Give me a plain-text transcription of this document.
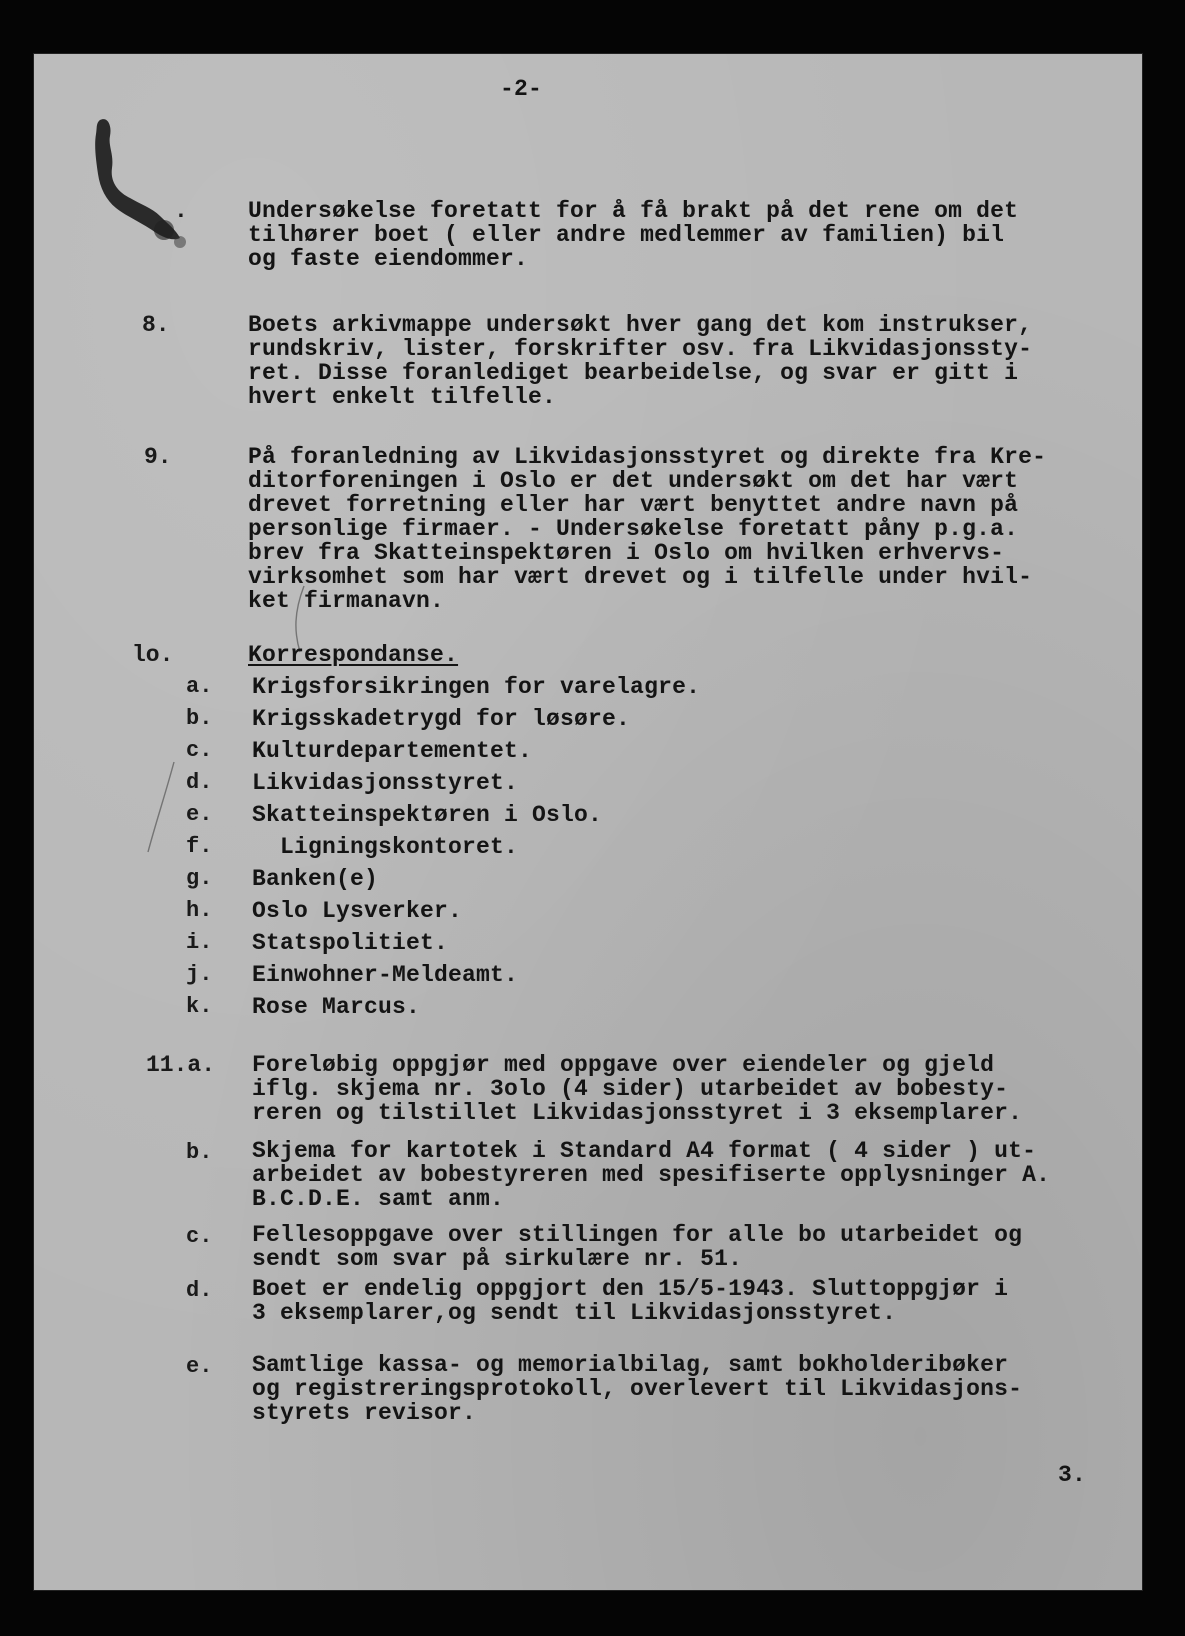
-2-
.	Undersøkelse foretatt for å få brakt på det rene om det
tilhører boet ( eller andre medlemmer av familien) bil
og faste eiendommer.
8.	Boets arkivmappe undersøkt hver gang det kom instrukser,
rundskriv, lister, forskrifter osv. fra Likvidasjonssty-
ret. Disse foranlediget bearbeidelse, og svar er gitt i
hvert enkelt tilfelle.
9.	På foranledning av Likvidasjonsstyret og direkte fra Kre-
ditorforeningen i Oslo er det undersøkt om det har vært
drevet forretning eller har vært benyttet andre navn på
personlige firmaer. - Undersøkelse foretatt påny p.g.a.
brev fra Skatteinspektøren i Oslo om hvilken erhvervs-
virksomhet som har vært drevet og i tilfelle under hvil-
ket firmanavn.
lo.	Korrespondanse.
a. Krigsforsikringen for varelagre.
b. Krigsskadetrygd for løsøre.
c. Kulturdepartementet.
d. Likvidasjonsstyret.
e. Skatteinspektøren i Oslo.
f. Ligningskontoret.
g. Banken(e)
h. Oslo Lysverker.
i. Statspolitiet.
j. Einwohner-Meldeamt.
k. Rose Marcus.
11.a. Foreløbig oppgjør med oppgave over eiendeler og gjeld
iflg. skjema nr. 3olo (4 sider) utarbeidet av bobesty-
reren og tilstillet Likvidasjonsstyret i 3 eksemplarer.
b. Skjema for kartotek i Standard A4 format ( 4 sider ) ut-
arbeidet av bobestyreren med spesifiserte opplysninger A.
B.C.D.E. samt anm.
c. Fellesoppgave over stillingen for alle bo utarbeidet og
sendt som svar på sirkulære nr. 51.
d. Boet er endelig oppgjort den 15/5-1943. Sluttoppgjør i
3 eksemplarer,og sendt til Likvidasjonsstyret.
e. Samtlige kassa- og memorialbilag, samt bokholderibøker
og registreringsprotokoll, overlevert til Likvidasjons-
styrets revisor.
3.
